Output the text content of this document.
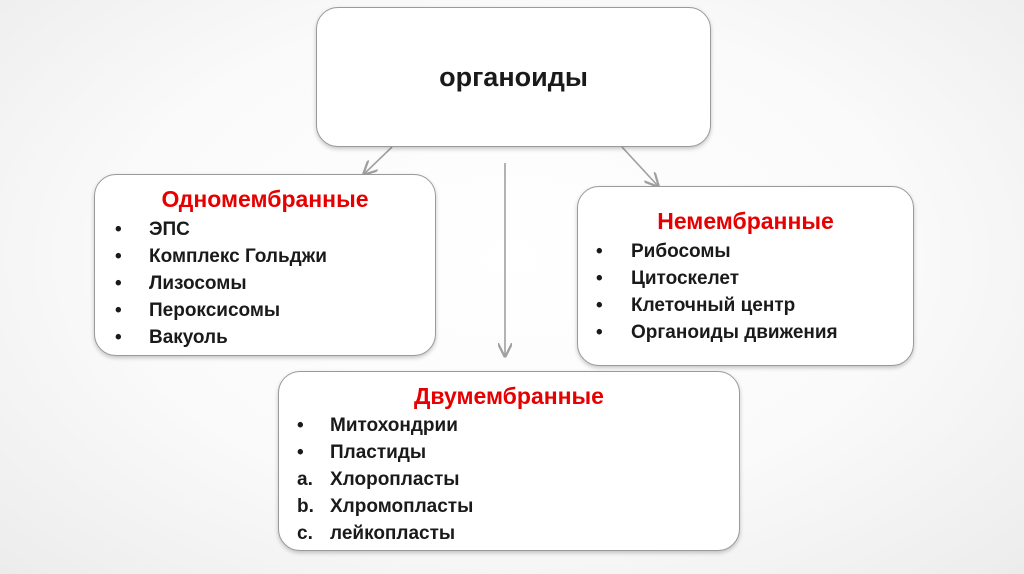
органоиды

Одномембранные

•	ЭПС
•	Комплекс Гольджи
•	Лизосомы
•	Пероксисомы
•	Вакуоль

Немембранные

•	Рибосомы
•	Цитоскелет
•	Клеточный центр
•	Органоиды движения

Двумембранные

•	Митохондрии
•	Пластиды
a. Хлоропласты
b. Хлромопласты
c. лейкопласты
